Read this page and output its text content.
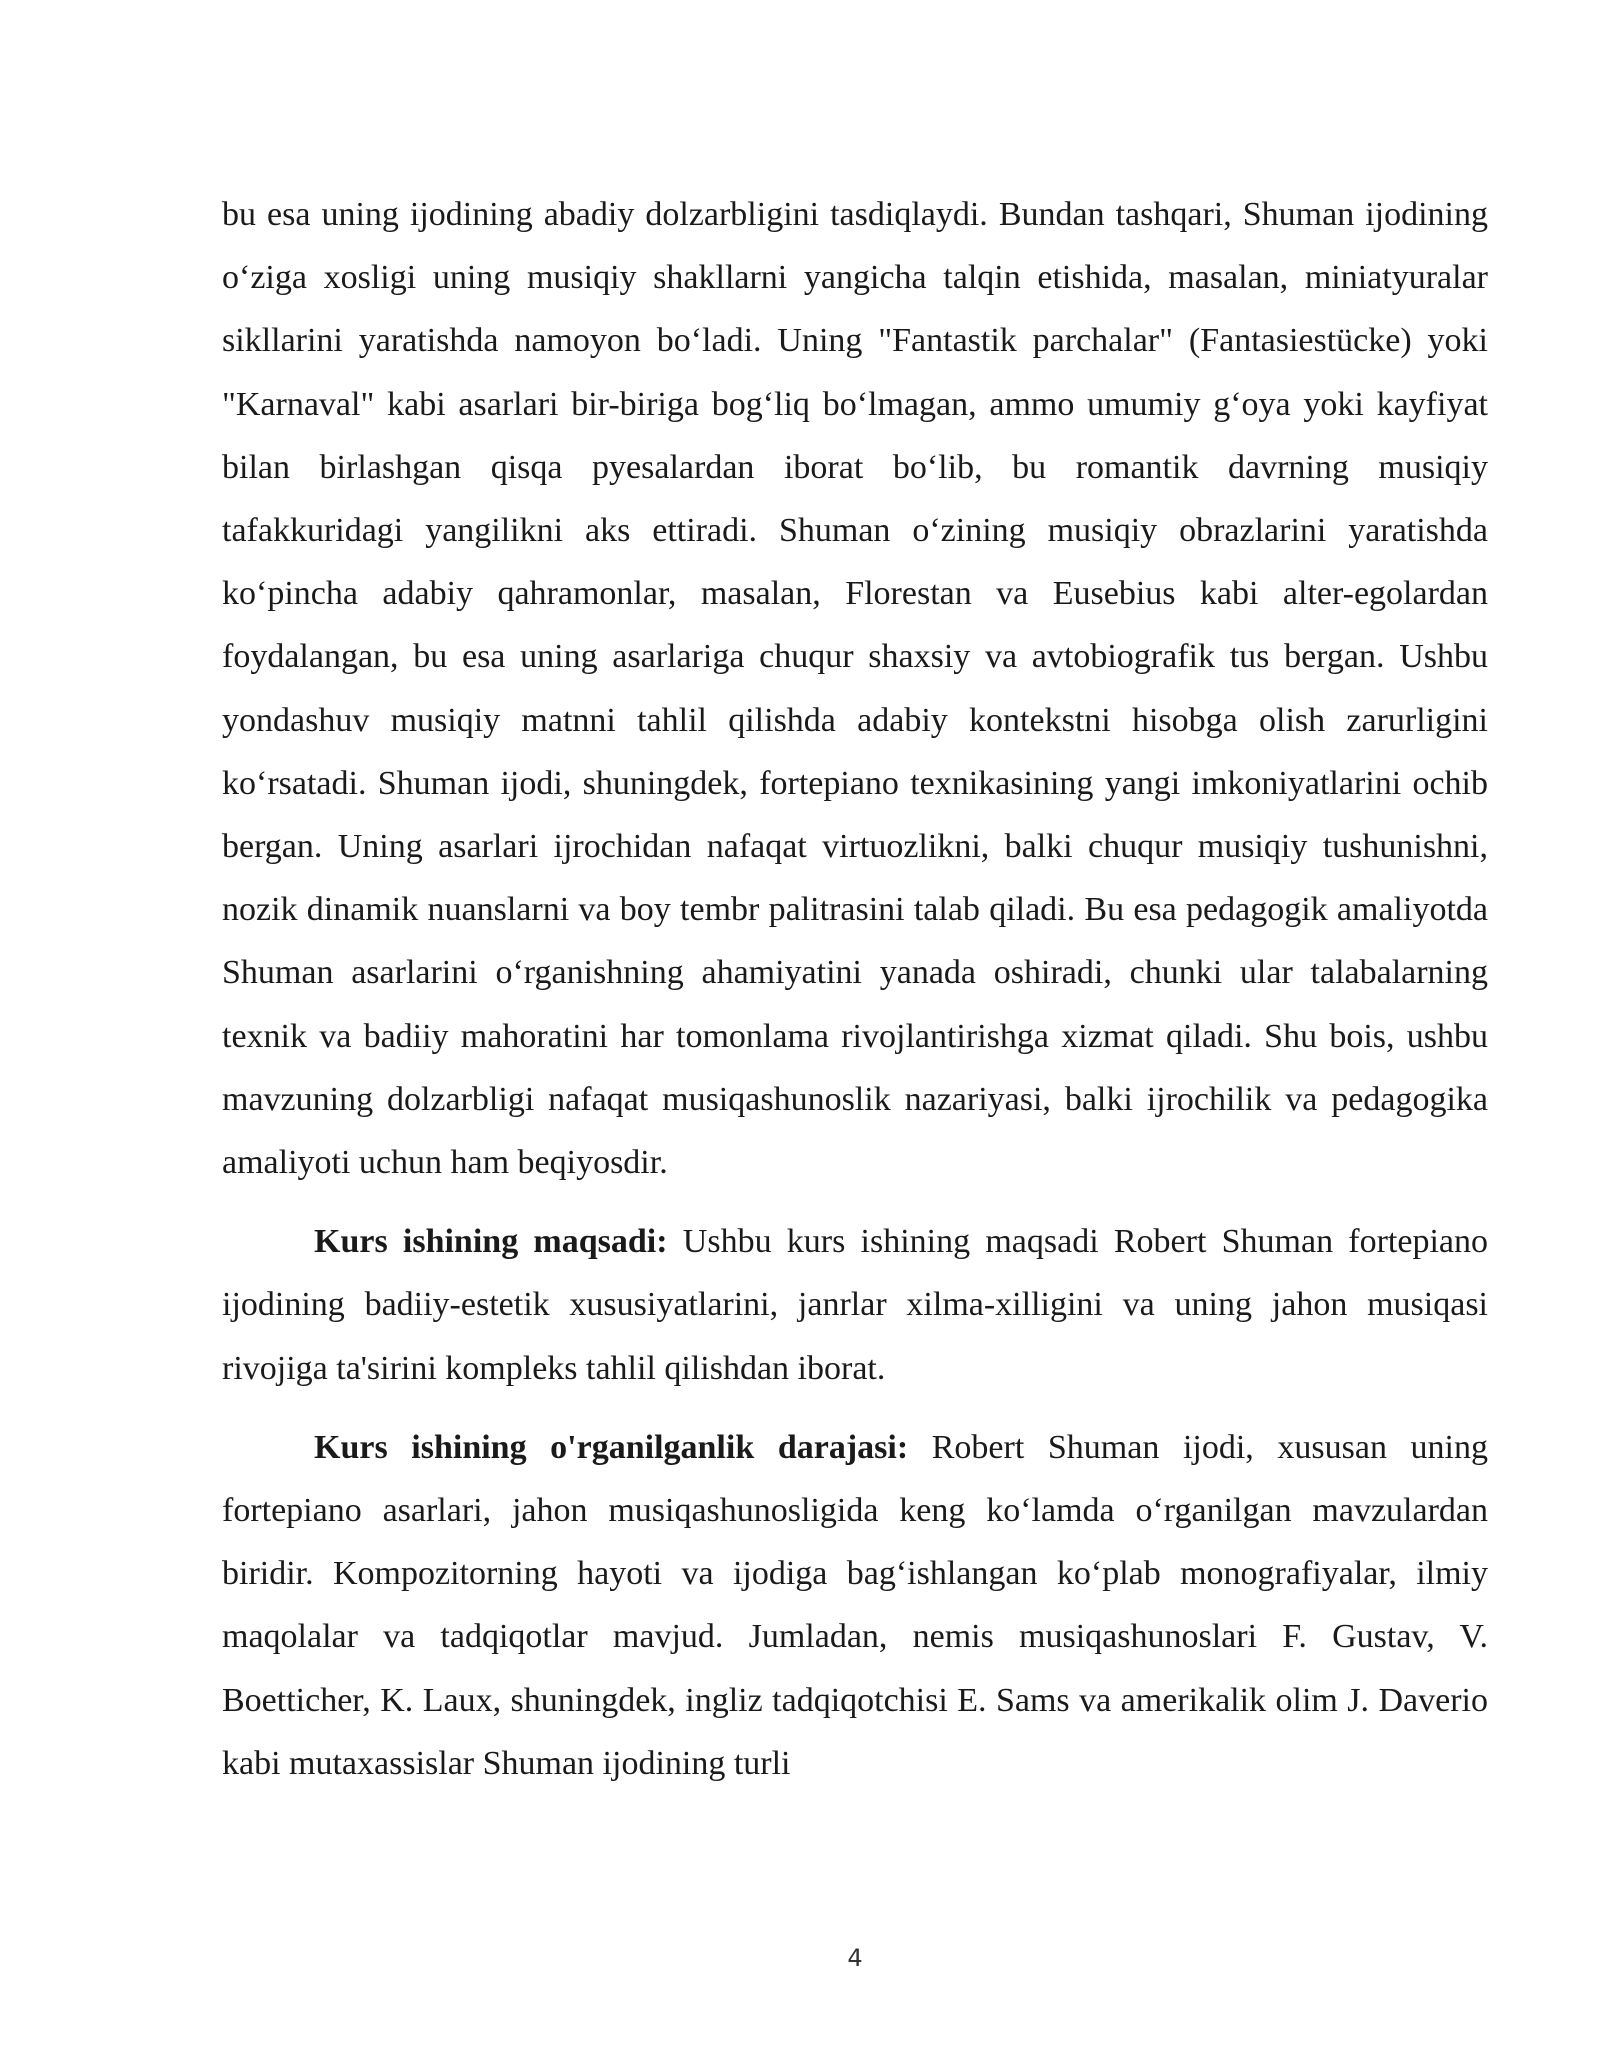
bu esa uning ijodining abadiy dolzarbligini tasdiqlaydi. Bundan tashqari, Shuman ijodining o‘ziga xosligi uning musiqiy shakllarni yangicha talqin etishida, masalan, miniatyuralar sikllarini yaratishda namoyon bo‘ladi. Uning "Fantastik parchalar" (Fantasiestücke) yoki "Karnaval" kabi asarlari bir-biriga bog‘liq bo‘lmagan, ammo umumiy g‘oya yoki kayfiyat bilan birlashgan qisqa pyesalardan iborat bo‘lib, bu romantik davrning musiqiy tafakkuridagi yangilikni aks ettiradi. Shuman o‘zining musiqiy obrazlarini yaratishda ko‘pincha adabiy qahramonlar, masalan, Florestan va Eusebius kabi alter-egolardan foydalangan, bu esa uning asarlariga chuqur shaxsiy va avtobiografik tus bergan. Ushbu yondashuv musiqiy matnni tahlil qilishda adabiy kontekstni hisobga olish zarurligini ko‘rsatadi. Shuman ijodi, shuningdek, fortepiano texnikasining yangi imkoniyatlarini ochib bergan. Uning asarlari ijrochidan nafaqat virtuozlikni, balki chuqur musiqiy tushunishni, nozik dinamik nuanslarni va boy tembr palitrasini talab qiladi. Bu esa pedagogik amaliyotda Shuman asarlarini o‘rganishning ahamiyatini yanada oshiradi, chunki ular talabalarning texnik va badiiy mahoratini har tomonlama rivojlantirishga xizmat qiladi. Shu bois, ushbu mavzuning dolzarbligi nafaqat musiqashunoslik nazariyasi, balki ijrochilik va pedagogika amaliyoti uchun ham beqiyosdir.

Kurs ishining maqsadi: Ushbu kurs ishining maqsadi Robert Shuman fortepiano ijodining badiiy-estetik xususiyatlarini, janrlar xilma-xilligini va uning jahon musiqasi rivojiga ta'sirini kompleks tahlil qilishdan iborat.

Kurs ishining o'rganilganlik darajasi: Robert Shuman ijodi, xususan uning fortepiano asarlari, jahon musiqashunosligida keng ko‘lamda o‘rganilgan mavzulardan biridir. Kompozitorning hayoti va ijodiga bag‘ishlangan ko‘plab monografiyalar, ilmiy maqolalar va tadqiqotlar mavjud. Jumladan, nemis musiqashunoslari F. Gustav, V. Boetticher, K. Laux, shuningdek, ingliz tadqiqotchisi E. Sams va amerikalik olim J. Daverio kabi mutaxassislar Shuman ijodining turli

4
